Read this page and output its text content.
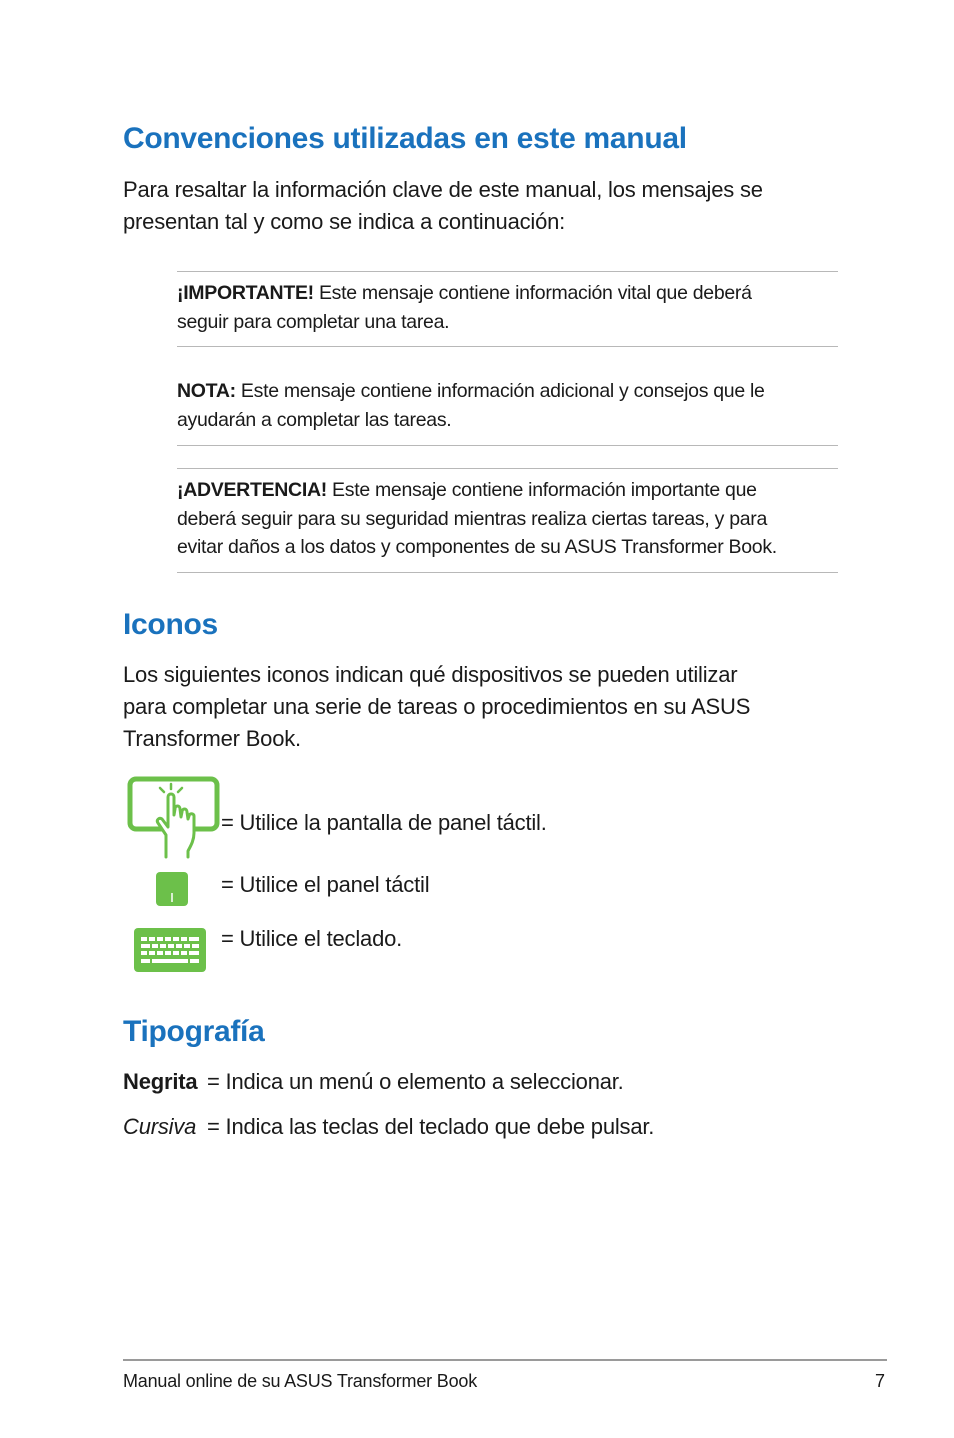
Convenciones utilizadas en este manual

Para resaltar la información clave de este manual, los mensajes se

presentan tal y como se indica a continuación:

¡IMPORTANTE! Este mensaje contiene información vital que deberá

seguir para completar una tarea.

NOTA: Este mensaje contiene información adicional y consejos que le

ayudarán a completar las tareas.

¡ADVERTENCIA! Este mensaje contiene información importante que

deberá seguir para su seguridad mientras realiza ciertas tareas, y para

evitar daños a los datos y componentes de su ASUS Transformer Book.

Iconos

Los siguientes iconos indican qué dispositivos se pueden utilizar

para completar una serie de tareas o procedimientos en su ASUS

Transformer Book.

= Utilice la pantalla de panel táctil.
= Utilice el panel táctil
= Utilice el teclado.
Tipografía
Negrita = Indica un menú o elemento a seleccionar.
Cursiva = Indica las teclas del teclado que debe pulsar.
Manual online de su ASUS Transformer Book	7
